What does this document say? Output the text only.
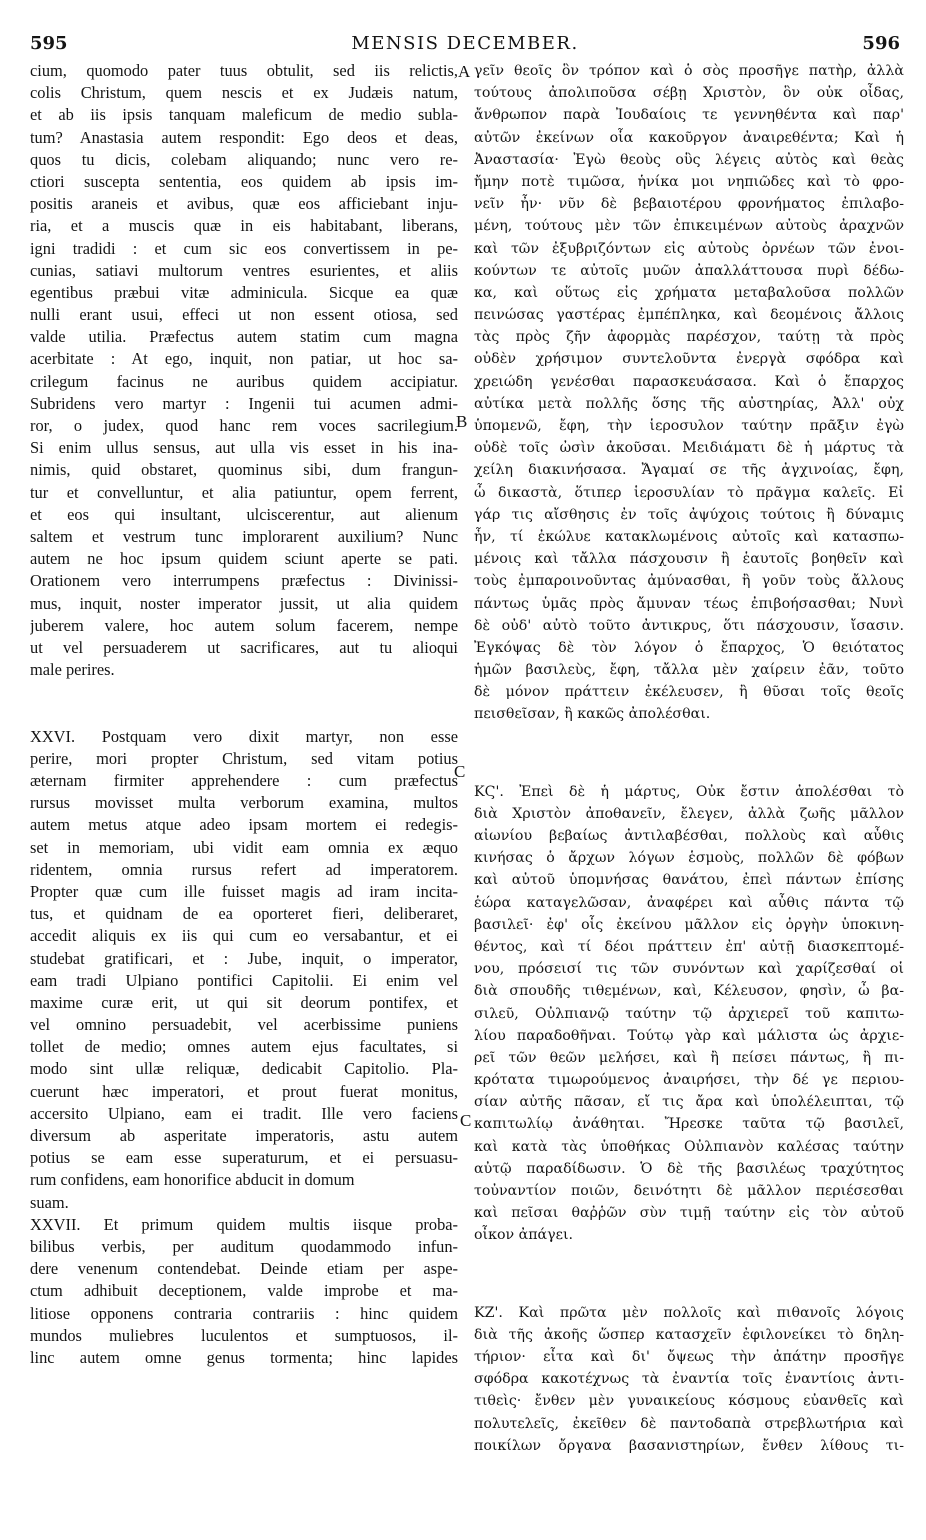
595	MENSIS DECEMBER.	596
cium, quomodo pater tuus obtulit, sed iis relictis,
colis Christum, quem nescis et ex Judæis natum,
et ab iis ipsis tanquam maleficum de medio subla-
tum? Anastasia autem respondit: Ego deos et deas,
quos tu dicis, colebam aliquando; nunc vero re-
ctiori suscepta sententia, eos quidem ab ipsis im-
positis araneis et avibus, quæ eos afficiebant inju-
ria, et a muscis quæ in eis habitabant, liberans,
igni tradidi : et cum sic eos convertissem in pe-
cunias, satiavi multorum ventres esurientes, et aliis
egentibus præbui vitæ adminicula. Sicque ea quæ
nulli erant usui, effeci ut non essent otiosa, sed
valde utilia. Præfectus autem statim cum magna
acerbitate : At ego, inquit, non patiar, ut hoc sa-
crilegum facinus ne auribus quidem accipiatur.
Subridens vero martyr : Ingenii tui acumen admi-
ror, o judex, quod hanc rem voces sacrilegium.
Si enim ullus sensus, aut ulla vis esset in his ina-
nimis, quid obstaret, quominus sibi, dum frangun-
tur et convelluntur, et alia patiuntur, opem ferrent,
et eos qui insultant, ulciscerentur, aut alienum
saltem et vestrum tunc implorarent auxilium? Nunc
autem ne hoc ipsum quidem sciunt aperte se pati.
Orationem vero interrumpens præfectus : Divinissi-
mus, inquit, noster imperator jussit, ut alia quidem
juberem valere, hoc autem solum facerem, nempe
ut vel persuaderem ut sacrificares, aut tu alioqui
male perires.
XXVI. Postquam vero dixit martyr, non esse
perire, mori propter Christum, sed vitam potius
æternam firmiter apprehendere : cum præfectus
rursus movisset multa verborum examina, multos
autem metus atque adeo ipsam mortem ei redegis-
set in memoriam, ubi vidit eam omnia ex æquo
ridentem, omnia rursus refert ad imperatorem.
Propter quæ cum ille fuisset magis ad iram incita-
tus, et quidnam de ea oporteret fieri, deliberaret,
accedit aliquis ex iis qui cum eo versabantur, et ei
studebat gratificari, et : Jube, inquit, o imperator,
eam tradi Ulpiano pontifici Capitolii. Ei enim vel
maxime curæ erit, ut qui sit deorum pontifex, et
vel omnino persuadebit, vel acerbissime puniens
tollet de medio; omnes autem ejus facultates, si
modo sint ullæ reliquæ, dedicabit Capitolio. Pla-
cuerunt hæc imperatori, et prout fuerat monitus,
accersito Ulpiano, eam ei tradit. Ille vero faciens
diversum ab asperitate imperatoris, astu autem
potius se eam esse superaturum, et ei persuasu-
rum confidens, eam honorifice abducit in domum
suam.
XXVII. Et primum quidem multis iisque proba-
bilibus verbis, per auditum quodammodo infun-
dere venenum contendebat. Deinde etiam per aspe-
ctum adhibuit deceptionem, valde improbe et ma-
litiose opponens contraria contrariis : hinc quidem
mundos muliebres luculentos et sumptuosos, il-
linc autem omne genus tormenta; hinc lapides
γεῖν θεοῖς ὃν τρόπον καὶ ὁ σὸς προσῆγε πατὴρ, ἀλλὰ
τούτους ἀπολιποῦσα σέβῃ Χριστὸν, ὃν οὐκ οἶδας,
ἄνθρωπον παρὰ Ἰουδαίοις τε γεννηθέντα καὶ παρ'
αὐτῶν ἐκείνων οἷα κακοῦργον ἀναιρεθέντα; Καὶ ἡ
Ἀναστασία· Ἐγὼ θεοὺς οὓς λέγεις αὐτὸς καὶ θεὰς
ἤμην ποτὲ τιμῶσα, ἡνίκα μοι νηπιῶδες καὶ τὸ φρο-
νεῖν ἦν· νῦν δὲ βεβαιοτέρου φρονήματος ἐπιλαβο-
μένη, τούτους μὲν τῶν ἐπικειμένων αὐτοὺς ἀραχνῶν
καὶ τῶν ἐξυβριζόντων εἰς αὐτοὺς ὀρνέων τῶν ἐνοι-
κούντων τε αὐτοῖς μυῶν ἀπαλλάττουσα πυρὶ δέδω-
κα, καὶ οὕτως εἰς χρήματα μεταβαλοῦσα πολλῶν
πεινώσας γαστέρας ἐμπέπληκα, καὶ δεομένοις ἄλλοις
τὰς πρὸς ζῆν ἀφορμὰς παρέσχον, ταύτῃ τὰ πρὸς
οὐδὲν χρήσιμον συντελοῦντα ἐνεργὰ σφόδρα καὶ
χρειώδη γενέσθαι παρασκευάσασα. Καὶ ὁ ἔπαρχος
αὐτίκα μετὰ πολλῆς ὅσης τῆς αὐστηρίας, Ἀλλ' οὐχ
ὑπομενῶ, ἔφη, τὴν ἱεροσυλον ταύτην πρᾶξιν ἐγὼ
οὐδὲ τοῖς ὠσὶν ἀκοῦσαι. Μειδιάματι δὲ ἡ μάρτυς τὰ
χείλη διακινήσασα. Ἄγαμαί σε τῆς ἀγχινοίας, ἔφη,
ὦ δικαστὰ, ὅτιπερ ἱεροσυλίαν τὸ πρᾶγμα καλεῖς. Εἰ
γάρ τις αἴσθησις ἐν τοῖς ἀψύχοις τούτοις ἢ δύναμις
ἦν, τί ἐκώλυε κατακλωμένοις αὐτοῖς καὶ κατασπω-
μένοις καὶ τἄλλα πάσχουσιν ἢ ἑαυτοῖς βοηθεῖν καὶ
τοὺς ἐμπαροινοῦντας ἀμύνασθαι, ἢ γοῦν τοὺς ἄλλους
πάντως ὑμᾶς πρὸς ἄμυναν τέως ἐπιβοήσασθαι; Νυνὶ
δὲ οὐδ' αὐτὸ τοῦτο ἀντικρυς, ὅτι πάσχουσιν, ἴσασιν.
Ἐγκόψας δὲ τὸν λόγον ὁ ἔπαρχος, Ὁ θειότατος
ἡμῶν βασιλεὺς, ἔφη, τἄλλα μὲν χαίρειν ἐᾶν, τοῦτο
δὲ μόνον πράττειν ἐκέλευσεν, ἢ θῦσαι τοῖς θεοῖς
πεισθεῖσαν, ἢ κακῶς ἀπολέσθαι.
ΚϚ'. Ἐπεὶ δὲ ἡ μάρτυς, Οὐκ ἔστιν ἀπολέσθαι τὸ
διὰ Χριστὸν ἀποθανεῖν, ἔλεγεν, ἀλλὰ ζωῆς μᾶλλον
αἰωνίου βεβαίως ἀντιλαβέσθαι, πολλοὺς καὶ αὖθις
κινήσας ὁ ἄρχων λόγων ἑσμοὺς, πολλῶν δὲ φόβων
καὶ αὐτοῦ ὑπομνήσας θανάτου, ἐπεὶ πάντων ἐπίσης
ἑώρα καταγελῶσαν, ἀναφέρει καὶ αὖθις πάντα τῷ
βασιλεῖ· ἐφ' οἷς ἐκείνου μᾶλλον εἰς ὀργὴν ὑποκινη-
θέντος, καὶ τί δέοι πράττειν ἐπ' αὐτῇ διασκεπτομέ-
νου, πρόσεισί τις τῶν συνόντων καὶ χαρίζεσθαί οἱ
διὰ σπουδῆς τιθεμένων, καὶ, Κέλευσον, φησὶν, ὦ βα-
σιλεῦ, Οὐλπιανῷ ταύτην τῷ ἀρχιερεῖ τοῦ καπιτω-
λίου παραδοθῆναι. Τούτῳ γὰρ καὶ μάλιστα ὡς ἀρχιε-
ρεῖ τῶν θεῶν μελήσει, καὶ ἢ πείσει πάντως, ἢ πι-
κρότατα τιμωρούμενος ἀναιρήσει, τὴν δέ γε περιου-
σίαν αὐτῆς πᾶσαν, εἴ τις ἄρα καὶ ὑπολέλειπται, τῷ
καπιτωλίῳ ἀνάθηται. Ἤρεσκε ταῦτα τῷ βασιλεῖ,
καὶ κατὰ τὰς ὑποθήκας Οὐλπιανὸν καλέσας ταύτην
αὐτῷ παραδίδωσιν. Ὁ δὲ τῆς βασιλέως τραχύτητος
τοὐναντίον ποιῶν, δεινότητι δὲ μᾶλλον περιέσεσθαι
καὶ πεῖσαι θαῤῥῶν σὺν τιμῇ ταύτην εἰς τὸν αὐτοῦ
οἶκον ἀπάγει.
ΚΖ'. Καὶ πρῶτα μὲν πολλοῖς καὶ πιθανοῖς λόγοις
διὰ τῆς ἀκοῆς ὥσπερ κατασχεῖν ἐφιλονείκει τὸ δηλη-
τήριον· εἶτα καὶ δι' ὄψεως τὴν ἀπάτην προσῆγε
σφόδρα κακοτέχνως τὰ ἐναντία τοῖς ἐναντίοις ἀντι-
τιθεὶς· ἔνθεν μὲν γυναικείους κόσμους εὐανθεῖς καὶ
πολυτελεῖς, ἐκεῖθεν δὲ παντοδαπὰ στρεβλωτήρια καὶ
ποικίλων ὄργανα βασανιστηρίων, ἔνθεν λίθους τι-
A
B
C
C
